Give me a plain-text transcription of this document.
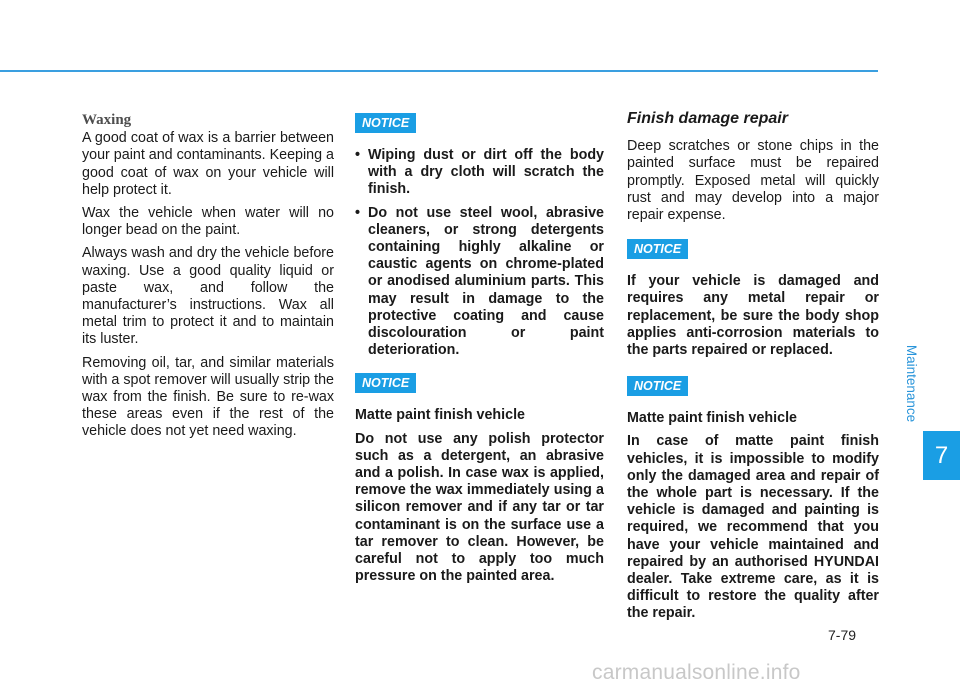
Waxing

A good coat of wax is a barrier between your paint and contaminants. Keeping a good coat of wax on your vehicle will help protect it.

Wax the vehicle when water will no longer bead on the paint.

Always wash and dry the vehicle before waxing. Use a good quality liquid or paste wax, and follow the manufacturer’s instructions. Wax all metal trim to protect it and to maintain its luster.

Removing oil, tar, and similar materials with a spot remover will usually strip the wax from the finish. Be sure to re-wax these areas even if the rest of the vehicle does not yet need waxing.

NOTICE
• Wiping dust or dirt off the body with a dry cloth will scratch the finish.
• Do not use steel wool, abrasive cleaners, or strong detergents containing highly alkaline or caustic agents on chrome-plated or anodised aluminium parts. This may result in damage to the protective coating and cause discolouration or paint deterioration.
NOTICE

Matte paint finish vehicle

Do not use any polish protector such as a detergent, an abrasive and a polish. In case wax is applied, remove the wax immediately using a silicon remover and if any tar or tar contaminant is on the surface use a tar remover to clean. However, be careful not to apply too much pressure on the painted area.

Finish damage repair

Deep scratches or stone chips in the painted surface must be repaired promptly. Exposed metal will quickly rust and may develop into a major repair expense.

NOTICE

If your vehicle is damaged and requires any metal repair or replacement, be sure the body shop applies anti-corrosion materials to the parts repaired or replaced.

NOTICE

Matte paint finish vehicle

In case of matte paint finish vehicles, it is impossible to modify only the damaged area and repair of the whole part is necessary. If the vehicle is damaged and painting is required, we recommend that you have your vehicle maintained and repaired by an authorised HYUNDAI dealer. Take extreme care, as it is difficult to restore the quality after the repair.

Maintenance
7
7-79
carmanualsonline.info
